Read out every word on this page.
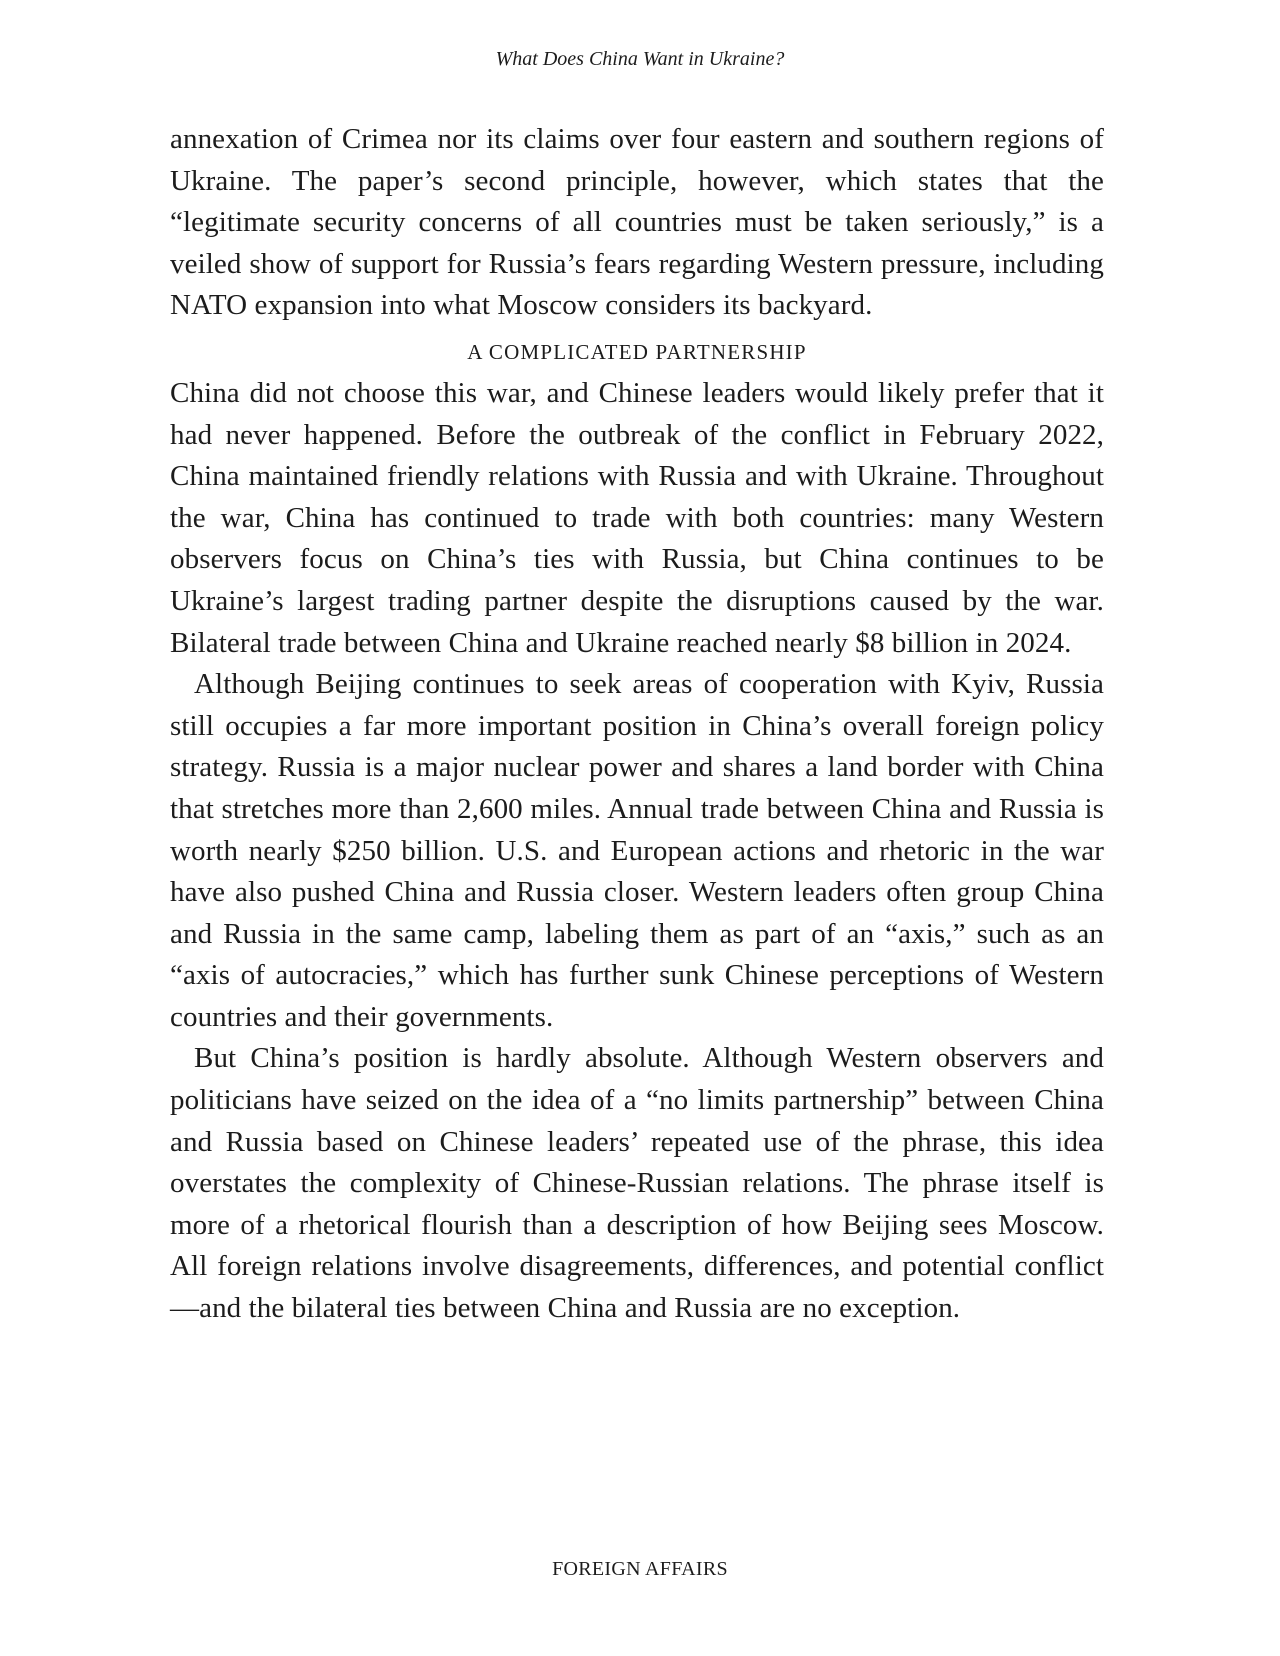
What Does China Want in Ukraine?

annexation of Crimea nor its claims over four eastern and southern regions of Ukraine. The paper’s second principle, however, which states that the “legitimate security concerns of all countries must be taken seriously,” is a veiled show of support for Russia’s fears regarding Western pressure, including NATO expansion into what Moscow considers its backyard.

A COMPLICATED PARTNERSHIP

China did not choose this war, and Chinese leaders would likely prefer that it had never happened. Before the outbreak of the conflict in February 2022, China maintained friendly relations with Russia and with Ukraine. Throughout the war, China has continued to trade with both countries: many Western observers focus on China’s ties with Russia, but China continues to be Ukraine’s largest trading partner despite the disruptions caused by the war. Bilateral trade between China and Ukraine reached nearly $8 billion in 2024.

Although Beijing continues to seek areas of cooperation with Kyiv, Russia still occupies a far more important position in China’s overall foreign policy strategy. Russia is a major nuclear power and shares a land border with China that stretches more than 2,600 miles. Annual trade between China and Russia is worth nearly $250 billion. U.S. and European actions and rhetoric in the war have also pushed China and Russia closer. Western leaders often group China and Russia in the same camp, labeling them as part of an “axis,” such as an “axis of autocracies,” which has further sunk Chinese perceptions of Western countries and their governments.

But China’s position is hardly absolute. Although Western observers and politicians have seized on the idea of a “no limits partnership” between China and Russia based on Chinese leaders’ repeated use of the phrase, this idea overstates the complexity of Chinese-Russian relations. The phrase itself is more of a rhetorical flourish than a description of how Beijing sees Moscow. All foreign relations involve disagreements, differences, and potential conflict—and the bilateral ties between China and Russia are no exception.

FOREIGN AFFAIRS
